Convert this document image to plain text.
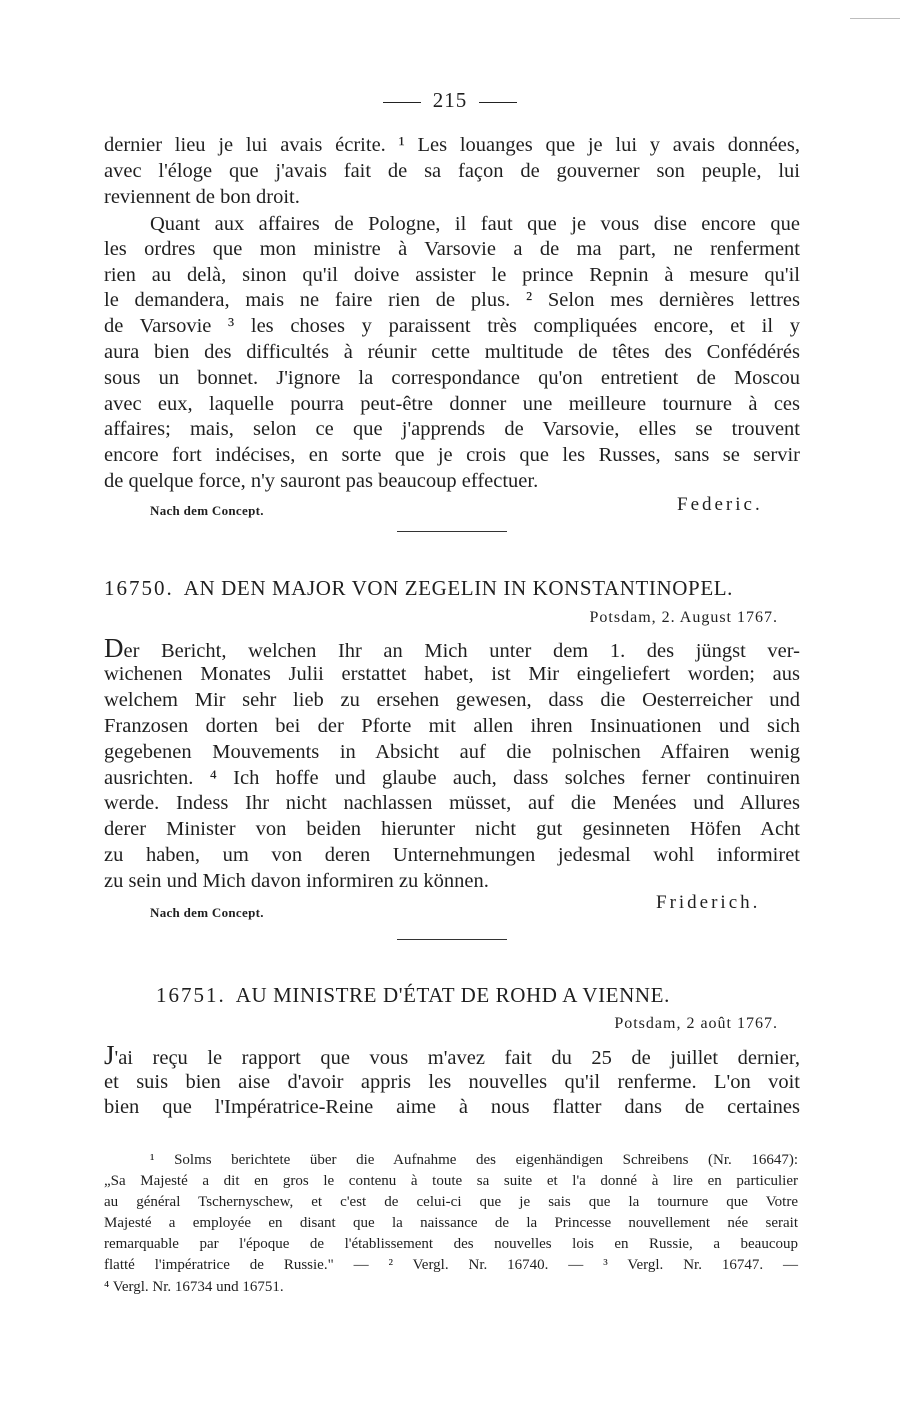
215
dernier lieu je lui avais écrite. ¹ Les louanges que je lui y avais données,
avec l'éloge que j'avais fait de sa façon de gouverner son peuple, lui
reviennent de bon droit.
Quant aux affaires de Pologne, il faut que je vous dise encore que
les ordres que mon ministre à Varsovie a de ma part, ne renferment
rien au delà, sinon qu'il doive assister le prince Repnin à mesure qu'il
le demandera, mais ne faire rien de plus. ² Selon mes dernières lettres
de Varsovie ³ les choses y paraissent très compliquées encore, et il y
aura bien des difficultés à réunir cette multitude de têtes des Confédérés
sous un bonnet. J'ignore la correspondance qu'on entretient de Moscou
avec eux, laquelle pourra peut-être donner une meilleure tournure à ces
affaires; mais, selon ce que j'apprends de Varsovie, elles se trouvent
encore fort indécises, en sorte que je crois que les Russes, sans se servir
de quelque force, n'y sauront pas beaucoup effectuer.
Nach dem Concept.	Federic.
16750. AN DEN MAJOR VON ZEGELIN IN KONSTANTINOPEL.
Potsdam, 2. August 1767.
Der Bericht, welchen Ihr an Mich unter dem 1. des jüngst ver-
wichenen Monates Julii erstattet habet, ist Mir eingeliefert worden; aus
welchem Mir sehr lieb zu ersehen gewesen, dass die Oesterreicher und
Franzosen dorten bei der Pforte mit allen ihren Insinuationen und sich
gegebenen Mouvements in Absicht auf die polnischen Affairen wenig
ausrichten. ⁴ Ich hoffe und glaube auch, dass solches ferner continuiren
werde. Indess Ihr nicht nachlassen müsset, auf die Menées und Allures
derer Minister von beiden hierunter nicht gut gesinneten Höfen Acht
zu haben, um von deren Unternehmungen jedesmal wohl informiret
zu sein und Mich davon informiren zu können.
Nach dem Concept.	Friderich.
16751. AU MINISTRE D'ÉTAT DE ROHD A VIENNE.
Potsdam, 2 août 1767.
J'ai reçu le rapport que vous m'avez fait du 25 de juillet dernier,
et suis bien aise d'avoir appris les nouvelles qu'il renferme. L'on voit
bien que l'Impératrice-Reine aime à nous flatter dans de certaines
¹ Solms berichtete über die Aufnahme des eigenhändigen Schreibens (Nr. 16647):
„Sa Majesté a dit en gros le contenu à toute sa suite et l'a donné à lire en particulier
au général Tschernyschew, et c'est de celui-ci que je sais que la tournure que Votre
Majesté a employée en disant que la naissance de la Princesse nouvellement née serait
remarquable par l'époque de l'établissement des nouvelles lois en Russie, a beaucoup
flatté l'impératrice de Russie." — ² Vergl. Nr. 16740. — ³ Vergl. Nr. 16747. —
⁴ Vergl. Nr. 16734 und 16751.
